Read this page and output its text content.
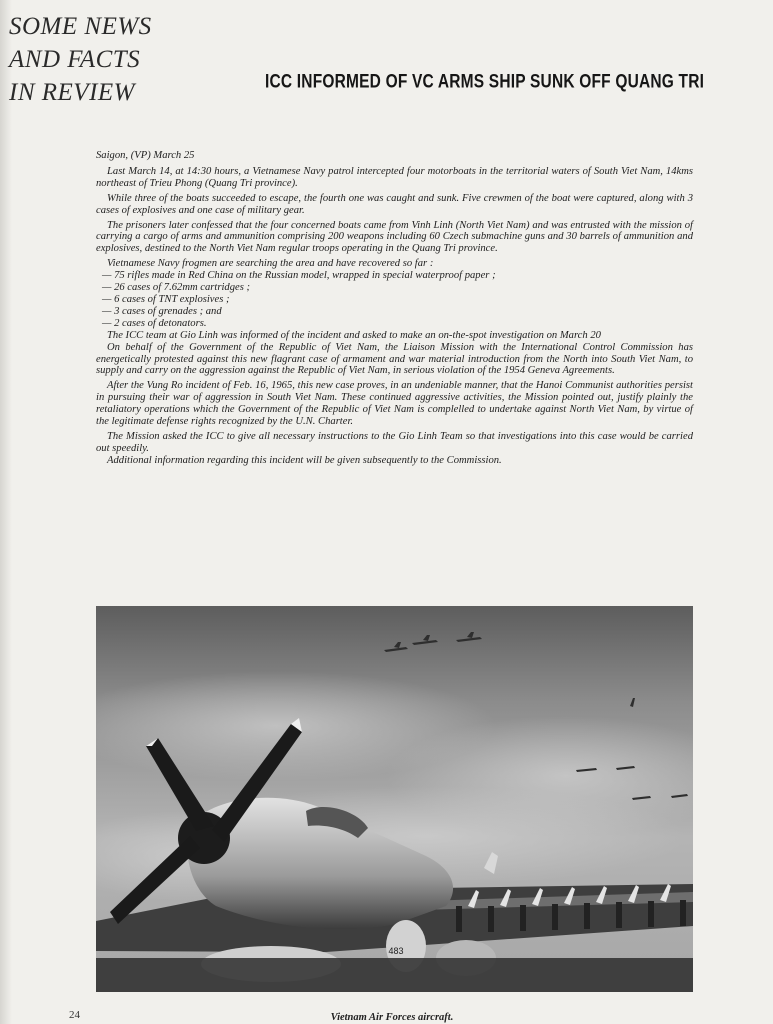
SOME NEWS
AND FACTS
IN REVIEW	ICC INFORMED OF VC ARMS SHIP SUNK OFF QUANG TRI

Saigon, (VP) March 25

Last March 14, at 14:30 hours, a Vietnamese Navy patrol intercepted four motorboats in the territorial waters of South Viet Nam, 14kms northeast of Trieu Phong (Quang Tri province).

While three of the boats succeeded to escape, the fourth one was caught and sunk. Five crewmen of the boat were captured, along with 3 cases of explosives and one case of military gear.

The prisoners later confessed that the four concerned boats came from Vinh Linh (North Viet Nam) and was entrusted with the mission of carrying a cargo of arms and ammunition comprising 200 weapons including 60 Czech submachine guns and 30 barrels of ammunition and explosives, destined to the North Viet Nam regular troops operating in the Quang Tri province.

Vietnamese Navy frogmen are searching the area and have recovered so far :

— 75 rifles made in Red China on the Russian model, wrapped in special waterproof paper ;
— 26 cases of 7.62mm cartridges ;
— 6 cases of TNT explosives ;
— 3 cases of grenades ; and
— 2 cases of detonators.

The ICC team at Gio Linh was informed of the incident and asked to make an on-the-spot investigation on March 20

On behalf of the Government of the Republic of Viet Nam, the Liaison Mission with the International Control Commission has energetically protested against this new flagrant case of armament and war material introduction from the North into South Viet Nam, to supply and carry on the aggression against the Republic of Viet Nam, in serious violation of the 1954 Geneva Agreements.

After the Vung Ro incident of Feb. 16, 1965, this new case proves, in an undeniable manner, that the Hanoi Communist authorities persist in pursuing their war of aggression in South Viet Nam. These continued aggressive activities, the Mission pointed out, justify plainly the retaliatory operations which the Government of the Republic of Viet Nam is complelled to undertake against North Viet Nam, by virtue of the legitimate defense rights recognized by the U.N. Charter.

The Mission asked the ICC to give all necessary instructions to the Gio Linh Team so that investigations into this case would be carried out speedily.

Additional information regarding this incident will be given subsequently to the Commission.

483
24	Vietnam Air Forces aircraft.
